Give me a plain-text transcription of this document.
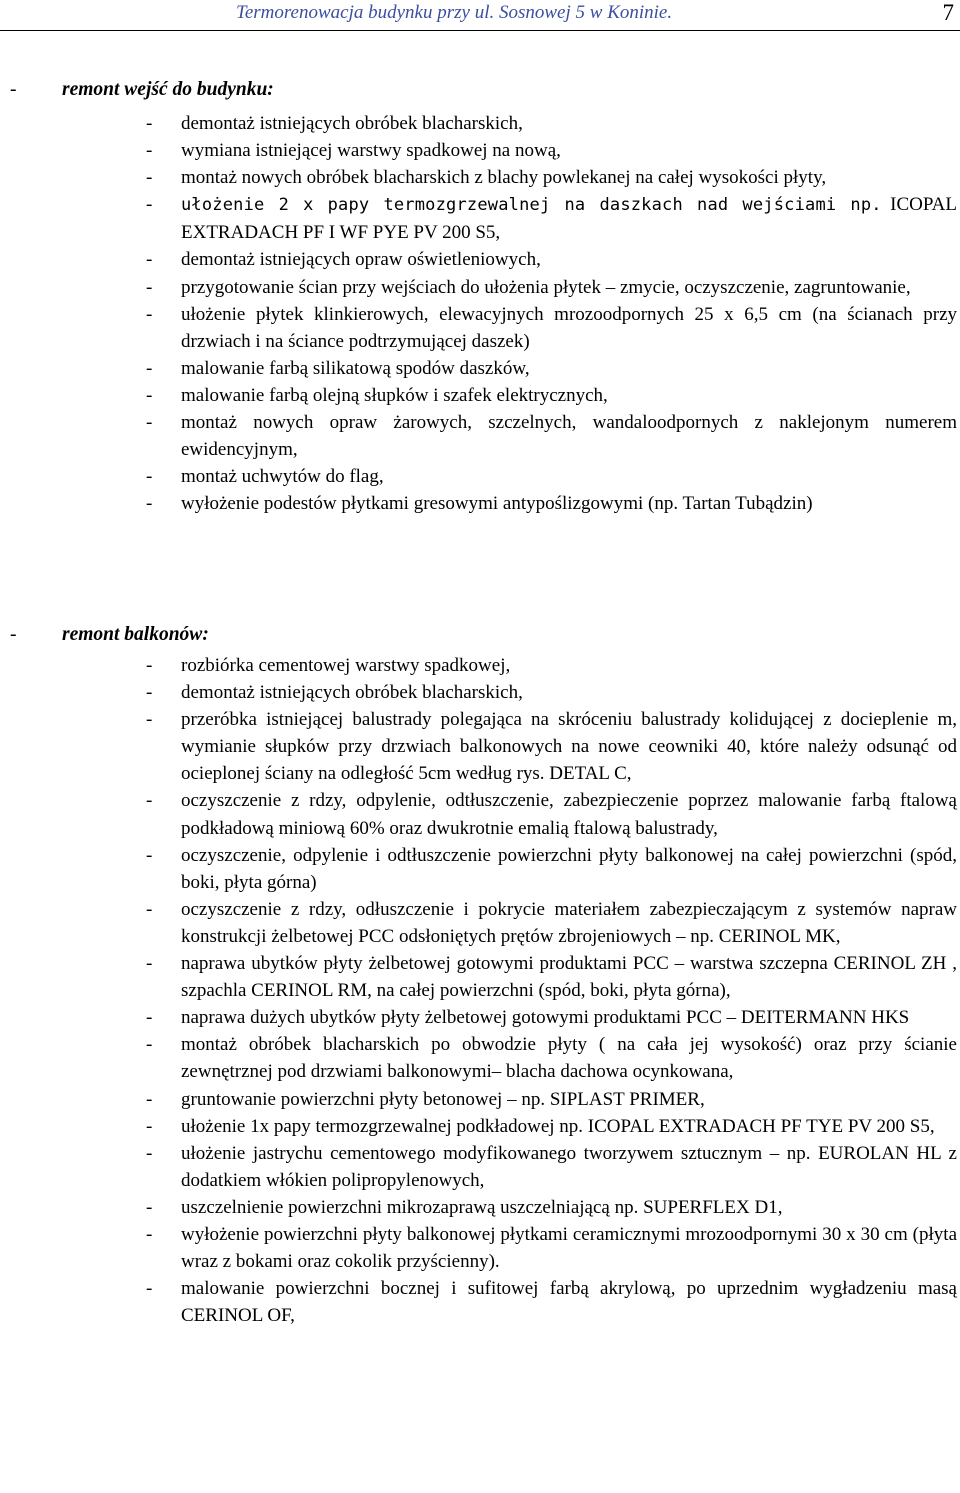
Termorenowacja budynku przy ul. Sosnowej 5 w Koninie.	7
- remont wejść do budynku:
- demontaż istniejących obróbek blacharskich,
- wymiana istniejącej warstwy spadkowej na nową,
- montaż nowych obróbek blacharskich z blachy powlekanej na całej wysokości płyty,
- ułożenie 2 x papy termozgrzewalnej na daszkach nad wejściami np. ICOPAL EXTRADACH PF I WF PYE PV 200 S5,
- demontaż istniejących opraw oświetleniowych,
- przygotowanie ścian przy wejściach do ułożenia płytek – zmycie, oczyszczenie, zagruntowanie,
- ułożenie płytek klinkierowych, elewacyjnych mrozoodpornych 25 x 6,5 cm (na ścianach przy drzwiach i na ściance podtrzymującej daszek)
- malowanie farbą silikatową spodów daszków,
- malowanie farbą olejną słupków i szafek elektrycznych,
- montaż nowych opraw żarowych, szczelnych, wandaloodpornych z naklejonym numerem ewidencyjnym,
- montaż uchwytów do flag,
- wyłożenie podestów płytkami gresowymi antypoślizgowymi (np. Tartan Tubądzin)
- remont balkonów:
- rozbiórka cementowej warstwy spadkowej,
- demontaż istniejących obróbek blacharskich,
- przeróbka istniejącej balustrady polegająca na skróceniu balustrady kolidującej z docieplenie m, wymianie słupków przy drzwiach balkonowych na nowe ceowniki 40, które należy odsunąć od ocieplonej ściany na odległość 5cm według rys. DETAL C,
- oczyszczenie z rdzy, odpylenie, odtłuszczenie, zabezpieczenie poprzez malowanie farbą ftalową podkładową miniową 60% oraz dwukrotnie emalią ftalową balustrady,
- oczyszczenie, odpylenie i odtłuszczenie powierzchni płyty balkonowej na całej powierzchni (spód, boki, płyta górna)
- oczyszczenie z rdzy, odłuszczenie i pokrycie materiałem zabezpieczającym z systemów napraw konstrukcji żelbetowej PCC odsłoniętych prętów zbrojeniowych – np. CERINOL MK,
- naprawa ubytków płyty żelbetowej gotowymi produktami PCC – warstwa szczepna CERINOL ZH , szpachla CERINOL RM, na całej powierzchni (spód, boki, płyta górna),
- naprawa dużych ubytków płyty żelbetowej gotowymi produktami PCC – DEITERMANN HKS
- montaż obróbek blacharskich po obwodzie płyty ( na cała jej wysokość) oraz przy ścianie zewnętrznej pod drzwiami balkonowymi– blacha dachowa ocynkowana,
- gruntowanie powierzchni płyty betonowej – np. SIPLAST PRIMER,
- ułożenie 1x papy termozgrzewalnej podkładowej np. ICOPAL EXTRADACH PF TYE PV 200 S5,
- ułożenie jastrychu cementowego modyfikowanego tworzywem sztucznym – np. EUROLAN HL z dodatkiem włókien polipropylenowych,
- uszczelnienie powierzchni mikrozaprawą uszczelniającą np. SUPERFLEX D1,
- wyłożenie powierzchni płyty balkonowej płytkami ceramicznymi mrozoodpornymi 30 x 30 cm (płyta wraz z bokami oraz cokolik przyścienny).
- malowanie powierzchni bocznej i sufitowej farbą akrylową, po uprzednim wygładzeniu masą CERINOL OF,
